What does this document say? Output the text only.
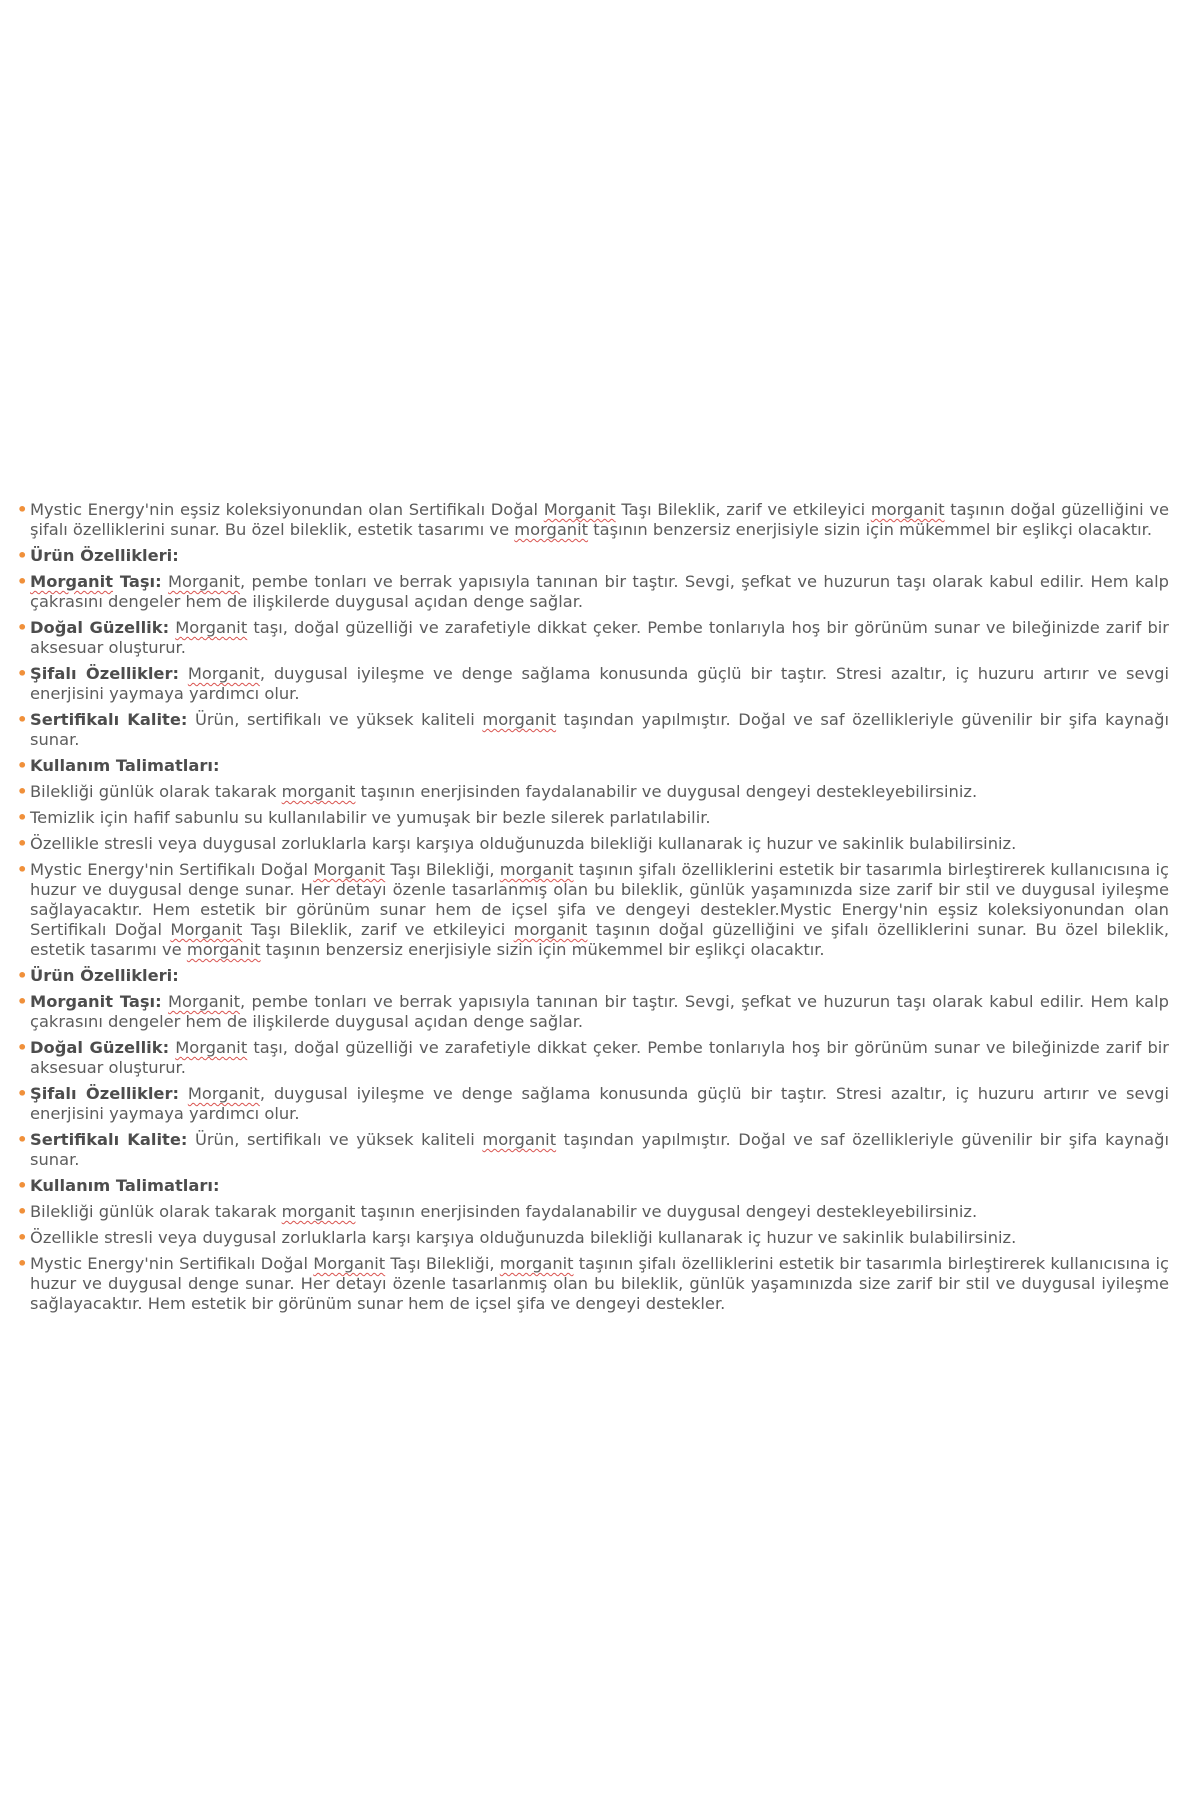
• Mystic Energy'nin eşsiz koleksiyonundan olan Sertifikalı Doğal Morganit Taşı Bileklik, zarif ve etkileyici morganit taşının doğal güzelliğini ve şifalı özelliklerini sunar. Bu özel bileklik, estetik tasarımı ve morganit taşının benzersiz enerjisiyle sizin için mükemmel bir eşlikçi olacaktır.
• Ürün Özellikleri:
• Morganit Taşı: Morganit, pembe tonları ve berrak yapısıyla tanınan bir taştır. Sevgi, şefkat ve huzurun taşı olarak kabul edilir. Hem kalp çakrasını dengeler hem de ilişkilerde duygusal açıdan denge sağlar.
• Doğal Güzellik: Morganit taşı, doğal güzelliği ve zarafetiyle dikkat çeker. Pembe tonlarıyla hoş bir görünüm sunar ve bileğinizde zarif bir aksesuar oluşturur.
• Şifalı Özellikler: Morganit, duygusal iyileşme ve denge sağlama konusunda güçlü bir taştır. Stresi azaltır, iç huzuru artırır ve sevgi enerjisini yaymaya yardımcı olur.
• Sertifikalı Kalite: Ürün, sertifikalı ve yüksek kaliteli morganit taşından yapılmıştır. Doğal ve saf özellikleriyle güvenilir bir şifa kaynağı sunar.
• Kullanım Talimatları:
• Bilekliği günlük olarak takarak morganit taşının enerjisinden faydalanabilir ve duygusal dengeyi destekleyebilirsiniz.
• Temizlik için hafif sabunlu su kullanılabilir ve yumuşak bir bezle silerek parlatılabilir.
• Özellikle stresli veya duygusal zorluklarla karşı karşıya olduğunuzda bilekliği kullanarak iç huzur ve sakinlik bulabilirsiniz.
• Mystic Energy'nin Sertifikalı Doğal Morganit Taşı Bilekliği, morganit taşının şifalı özelliklerini estetik bir tasarımla birleştirerek kullanıcısına iç huzur ve duygusal denge sunar. Her detayı özenle tasarlanmış olan bu bileklik, günlük yaşamınızda size zarif bir stil ve duygusal iyileşme sağlayacaktır. Hem estetik bir görünüm sunar hem de içsel şifa ve dengeyi destekler.Mystic Energy'nin eşsiz koleksiyonundan olan Sertifikalı Doğal Morganit Taşı Bileklik, zarif ve etkileyici morganit taşının doğal güzelliğini ve şifalı özelliklerini sunar. Bu özel bileklik, estetik tasarımı ve morganit taşının benzersiz enerjisiyle sizin için mükemmel bir eşlikçi olacaktır.
• Ürün Özellikleri:
• Morganit Taşı: Morganit, pembe tonları ve berrak yapısıyla tanınan bir taştır. Sevgi, şefkat ve huzurun taşı olarak kabul edilir. Hem kalp çakrasını dengeler hem de ilişkilerde duygusal açıdan denge sağlar.
• Doğal Güzellik: Morganit taşı, doğal güzelliği ve zarafetiyle dikkat çeker. Pembe tonlarıyla hoş bir görünüm sunar ve bileğinizde zarif bir aksesuar oluşturur.
• Şifalı Özellikler: Morganit, duygusal iyileşme ve denge sağlama konusunda güçlü bir taştır. Stresi azaltır, iç huzuru artırır ve sevgi enerjisini yaymaya yardımcı olur.
• Sertifikalı Kalite: Ürün, sertifikalı ve yüksek kaliteli morganit taşından yapılmıştır. Doğal ve saf özellikleriyle güvenilir bir şifa kaynağı sunar.
• Kullanım Talimatları:
• Bilekliği günlük olarak takarak morganit taşının enerjisinden faydalanabilir ve duygusal dengeyi destekleyebilirsiniz.
• Özellikle stresli veya duygusal zorluklarla karşı karşıya olduğunuzda bilekliği kullanarak iç huzur ve sakinlik bulabilirsiniz.
• Mystic Energy'nin Sertifikalı Doğal Morganit Taşı Bilekliği, morganit taşının şifalı özelliklerini estetik bir tasarımla birleştirerek kullanıcısına iç huzur ve duygusal denge sunar. Her detayı özenle tasarlanmış olan bu bileklik, günlük yaşamınızda size zarif bir stil ve duygusal iyileşme sağlayacaktır. Hem estetik bir görünüm sunar hem de içsel şifa ve dengeyi destekler.
